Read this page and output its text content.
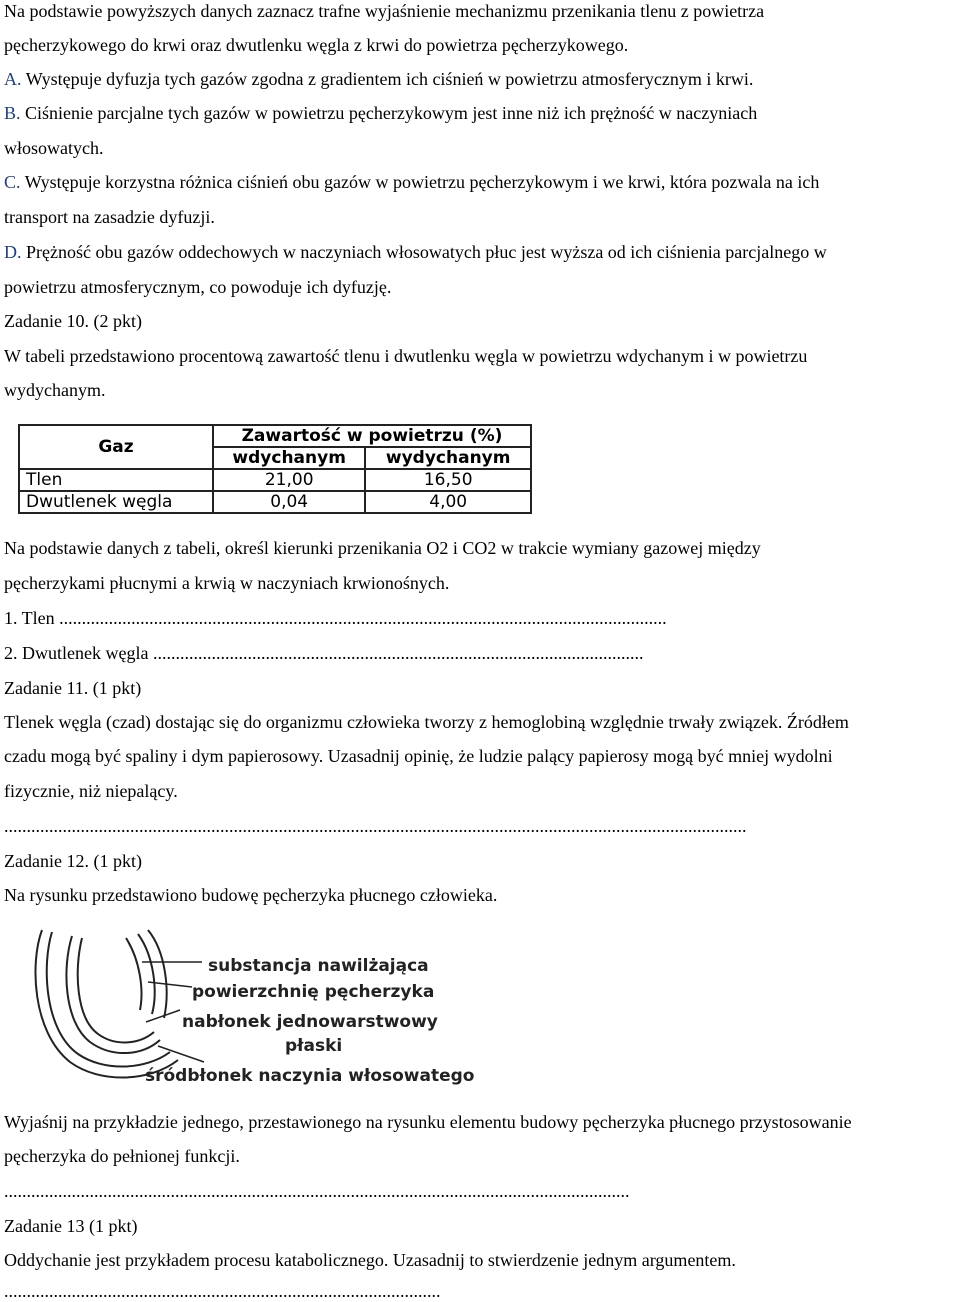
Na podstawie powyższych danych zaznacz trafne wyjaśnienie mechanizmu przenikania tlenu z powietrza
pęcherzykowego do krwi oraz dwutlenku węgla z krwi do powietrza pęcherzykowego.
A. Występuje dyfuzja tych gazów zgodna z gradientem ich ciśnień w powietrzu atmosferycznym i krwi.
B. Ciśnienie parcjalne tych gazów w powietrzu pęcherzykowym jest inne niż ich prężność w naczyniach
włosowatych.
C. Występuje korzystna różnica ciśnień obu gazów w powietrzu pęcherzykowym i we krwi, która pozwala na ich
transport na zasadzie dyfuzji.
D. Prężność obu gazów oddechowych w naczyniach włosowatych płuc jest wyższa od ich ciśnienia parcjalnego w
powietrzu atmosferycznym, co powoduje ich dyfuzję.
Zadanie 10. (2 pkt)
W tabeli przedstawiono procentową zawartość tlenu i dwutlenku węgla w powietrzu wdychanym i w powietrzu
wydychanym.
Gaz	Zawartość w powietrzu (%)	
	wdychanym	wydychanym
Tlen	21,00	16,50
Dwutlenek węgla	0,04	4,00
Na podstawie danych z tabeli, określ kierunki przenikania O2 i CO2 w trakcie wymiany gazowej między
pęcherzykami płucnymi a krwią w naczyniach krwionośnych.
1. Tlen .......................................................................................................................................
2. Dwutlenek węgla .............................................................................................................
Zadanie 11. (1 pkt)
Tlenek węgla (czad) dostając się do organizmu człowieka tworzy z hemoglobiną względnie trwały związek. Źródłem
czadu mogą być spaliny i dym papierosowy. Uzasadnij opinię, że ludzie palący papierosy mogą być mniej wydolni
fizycznie, niż niepalący.
.....................................................................................................................................................................
Zadanie 12. (1 pkt)
Na rysunku przedstawiono budowę pęcherzyka płucnego człowieka.
substancja nawilżająca
powierzchnię pęcherzyka
nabłonek jednowarstwowy
płaski
śródbłonek naczynia włosowatego
Wyjaśnij na przykładzie jednego, przestawionego na rysunku elementu budowy pęcherzyka płucnego przystosowanie
pęcherzyka do pełnionej funkcji.
...........................................................................................................................................
Zadanie 13 (1 pkt)
Oddychanie jest przykładem procesu katabolicznego. Uzasadnij to stwierdzenie jednym argumentem.
.................................................................................................
